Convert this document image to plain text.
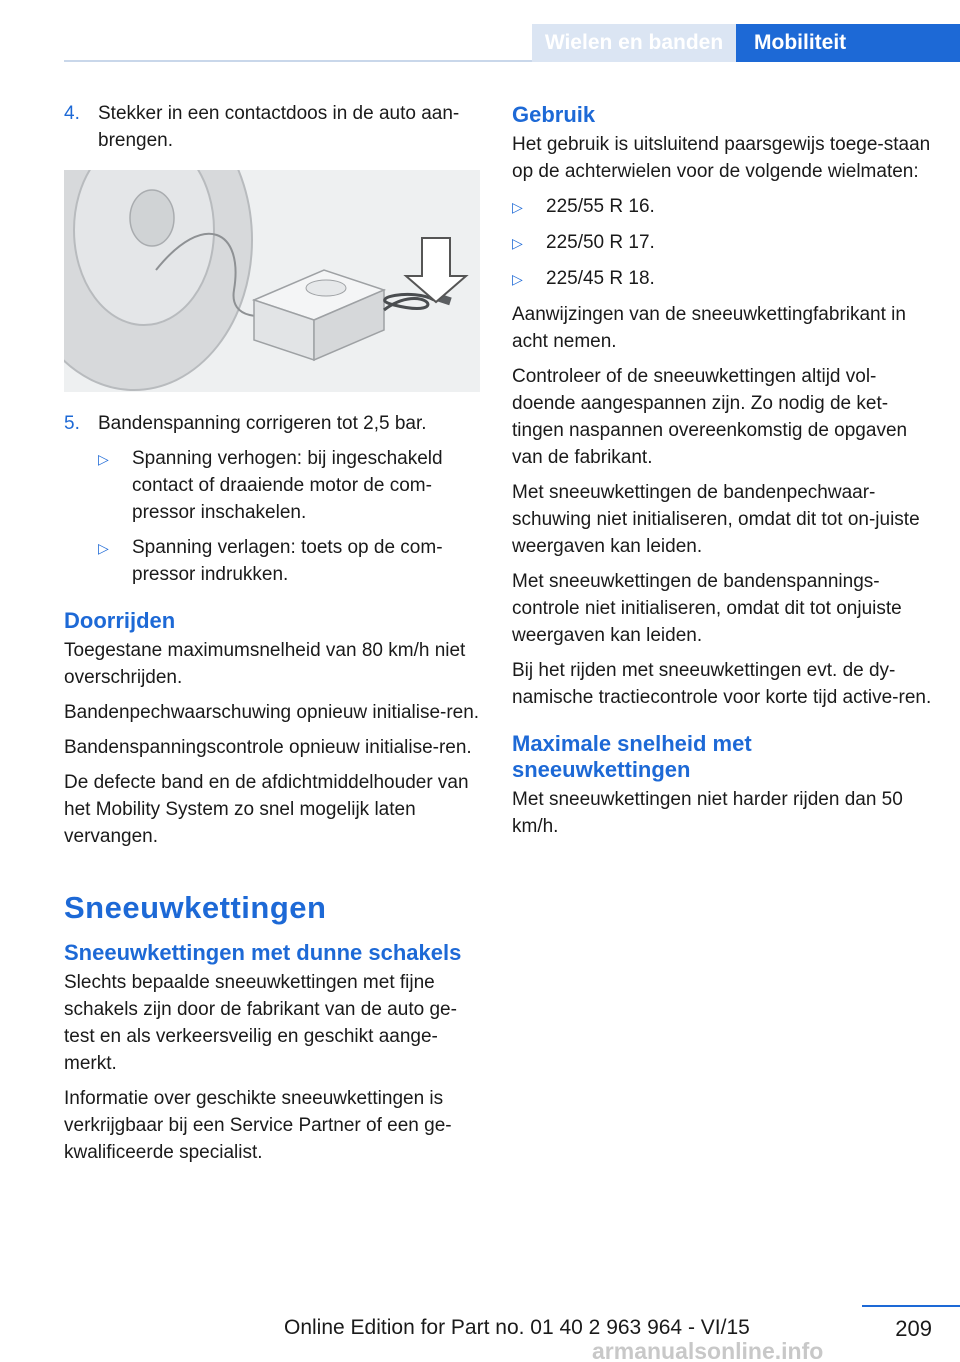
Wielen en banden	Mobiliteit
4. Stekker in een contactdoos in de auto aan-brengen.
5. Bandenspanning corrigeren tot 2,5 bar.
▷	Spanning verhogen: bij ingeschakeld contact of draaiende motor de com-pressor inschakelen.
▷	Spanning verlagen: toets op de com-pressor indrukken.
Doorrijden

Toegestane maximumsnelheid van 80 km/h niet overschrijden.

Bandenpechwaarschuwing opnieuw initialise-ren.

Bandenspanningscontrole opnieuw initialise-ren.

De defecte band en de afdichtmiddelhouder van het Mobility System zo snel mogelijk laten vervangen.

Sneeuwkettingen
Sneeuwkettingen met dunne schakels

Slechts bepaalde sneeuwkettingen met fijne schakels zijn door de fabrikant van de auto ge-test en als verkeersveilig en geschikt aange-merkt.

Informatie over geschikte sneeuwkettingen is verkrijgbaar bij een Service Partner of een ge-kwalificeerde specialist.

Gebruik

Het gebruik is uitsluitend paarsgewijs toege-staan op de achterwielen voor de volgende wielmaten:

▷	225/55 R 16.
▷	225/50 R 17.
▷	225/45 R 18.

Aanwijzingen van de sneeuwkettingfabrikant in acht nemen.

Controleer of de sneeuwkettingen altijd vol-doende aangespannen zijn. Zo nodig de ket-tingen naspannen overeenkomstig de opgaven van de fabrikant.

Met sneeuwkettingen de bandenpechwaar-schuwing niet initialiseren, omdat dit tot on-juiste weergaven kan leiden.

Met sneeuwkettingen de bandenspannings-controle niet initialiseren, omdat dit tot onjuiste weergaven kan leiden.

Bij het rijden met sneeuwkettingen evt. de dy-namische tractiecontrole voor korte tijd active-ren.

Maximale snelheid met sneeuwkettingen

Met sneeuwkettingen niet harder rijden dan 50 km/h.

209
Online Edition for Part no. 01 40 2 963 964 - VI/15
armanualsonline.info
